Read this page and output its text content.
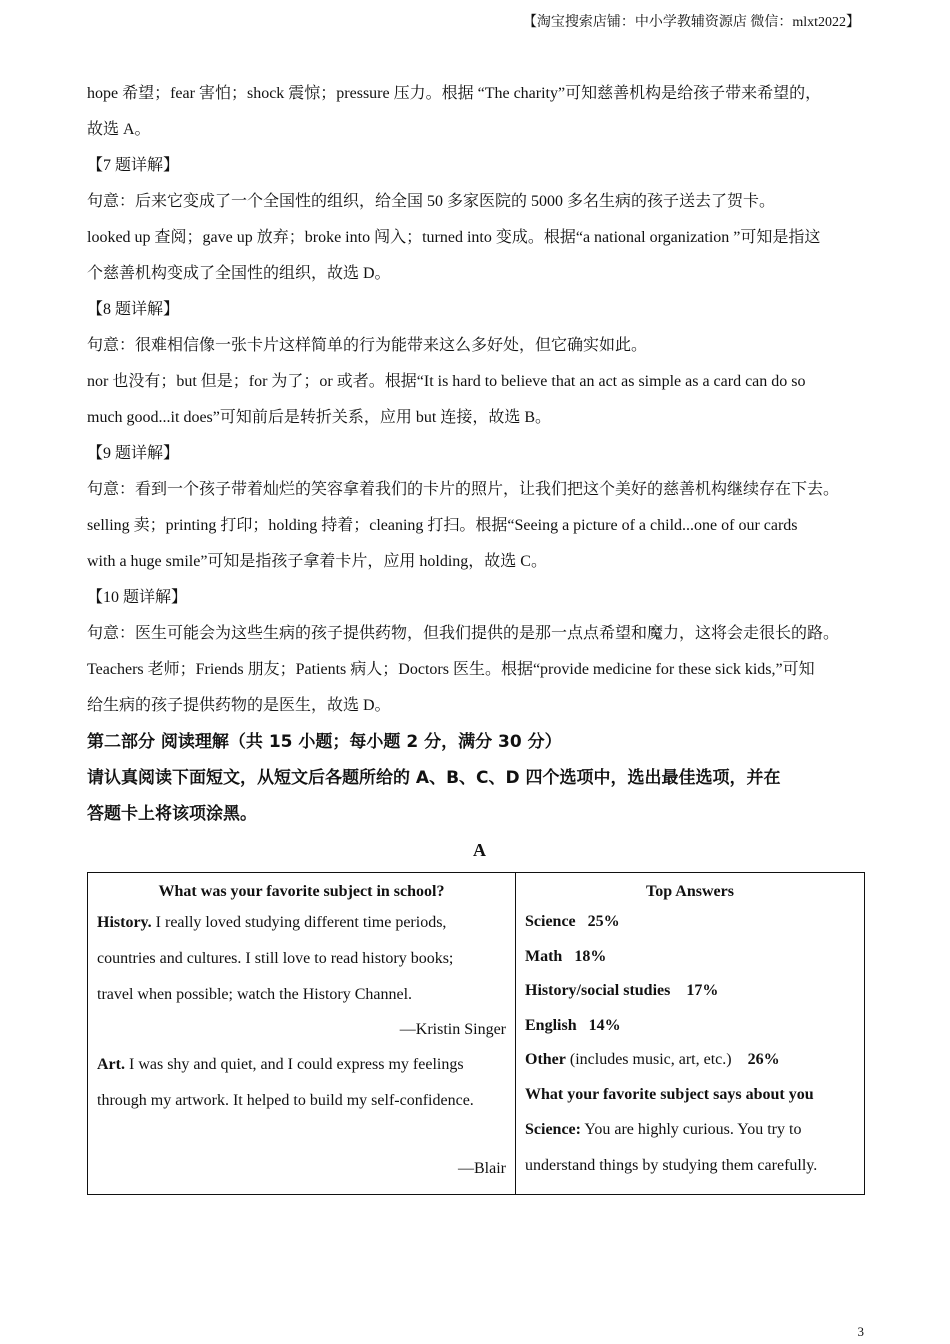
【淘宝搜索店铺：中小学教辅资源店 微信：mlxt2022】

hope 希望；fear 害怕；shock 震惊；pressure 压力。根据 “The charity”可知慈善机构是给孩子带来希望的，

故选 A。

【7 题详解】

句意：后来它变成了一个全国性的组织，给全国 50 多家医院的 5000 多名生病的孩子送去了贺卡。

looked up 查阅；gave up 放弃；broke into 闯入；turned into 变成。根据“a national organization ”可知是指这

个慈善机构变成了全国性的组织，故选 D。

【8 题详解】

句意：很难相信像一张卡片这样简单的行为能带来这么多好处，但它确实如此。

nor 也没有；but 但是；for 为了；or 或者。根据“It is hard to believe that an act as simple as a card can do so

much good...it does”可知前后是转折关系，应用 but 连接，故选 B。

【9 题详解】

句意：看到一个孩子带着灿烂的笑容拿着我们的卡片的照片，让我们把这个美好的慈善机构继续存在下去。

selling 卖；printing 打印；holding 持着；cleaning 打扫。根据“Seeing a picture of a child...one of our cards

with a huge smile”可知是指孩子拿着卡片，应用 holding，故选 C。

【10 题详解】

句意：医生可能会为这些生病的孩子提供药物，但我们提供的是那一点点希望和魔力，这将会走很长的路。

Teachers 老师；Friends 朋友；Patients 病人；Doctors 医生。根据“provide medicine for these sick kids,”可知

给生病的孩子提供药物的是医生，故选 D。

第二部分 阅读理解（共 15 小题；每小题 2 分，满分 30 分）

请认真阅读下面短文，从短文后各题所给的 A、B、C、D 四个选项中，选出最佳选项，并在

答题卡上将该项涂黑。

A

What was your favorite subject in school?

History. I really loved studying different time periods,

countries and cultures. I still love to read history books;

travel when possible; watch the History Channel.

—Kristin Singer

Art. I was shy and quiet, and I could express my feelings

through my artwork. It helped to build my self-confidence.

—Blair

Top Answers

Science 25%

Math 18%

History/social studies 17%

English 14%

Other (includes music, art, etc.) 26%

What your favorite subject says about you

Science: You are highly curious. You try to

understand things by studying them carefully.

3
